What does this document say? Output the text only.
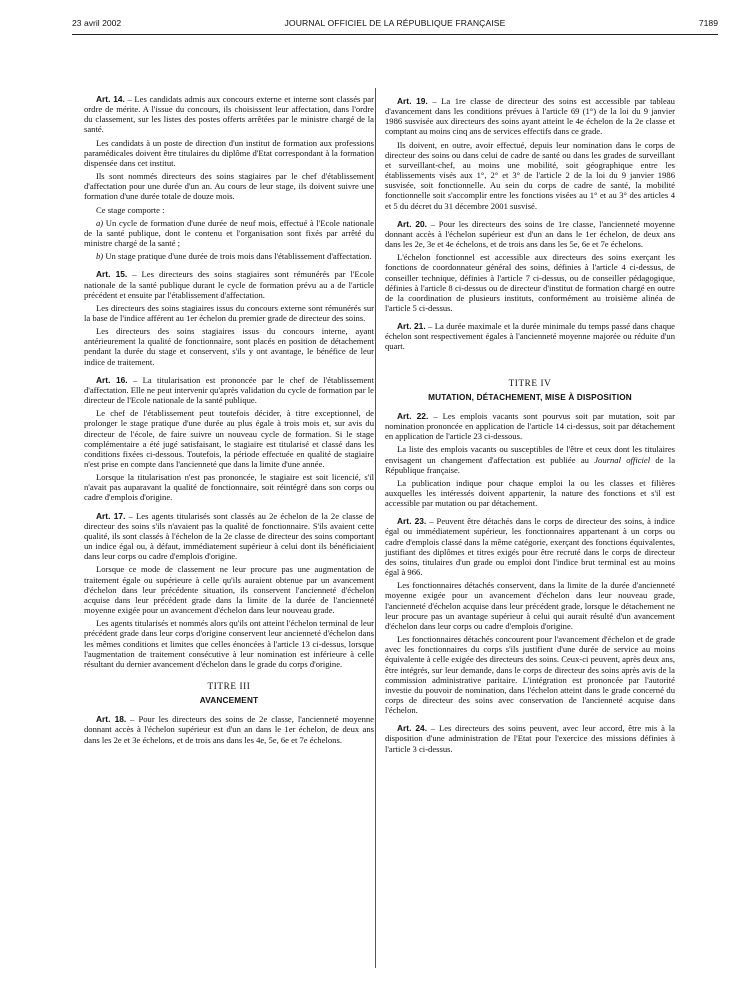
23 avril 2002	JOURNAL OFFICIEL DE LA RÉPUBLIQUE FRANÇAISE	7189

Art. 14. – Les candidats admis aux concours externe et interne sont classés par ordre de mérite. A l'issue du concours, ils choisissent leur affectation, dans l'ordre du classement, sur les listes des postes offerts arrêtées par le ministre chargé de la santé.

Les candidats à un poste de direction d'un institut de formation aux professions paramédicales doivent être titulaires du diplôme d'Etat correspondant à la formation dispensée dans cet institut.

Ils sont nommés directeurs des soins stagiaires par le chef d'établissement d'affectation pour une durée d'un an. Au cours de leur stage, ils doivent suivre une formation d'une durée totale de douze mois.

Ce stage comporte :

a) Un cycle de formation d'une durée de neuf mois, effectué à l'Ecole nationale de la santé publique, dont le contenu et l'organisation sont fixés par arrêté du ministre chargé de la santé ;

b) Un stage pratique d'une durée de trois mois dans l'établissement d'affectation.

Art. 15. – Les directeurs des soins stagiaires sont rémunérés par l'Ecole nationale de la santé publique durant le cycle de formation prévu au a de l'article précédent et ensuite par l'établissement d'affectation.

Les directeurs des soins stagiaires issus du concours externe sont rémunérés sur la base de l'indice afférent au 1er échelon du premier grade de directeur des soins.

Les directeurs des soins stagiaires issus du concours interne, ayant antérieurement la qualité de fonctionnaire, sont placés en position de détachement pendant la durée du stage et conservent, s'ils y ont avantage, le bénéfice de leur indice de traitement.

Art. 16. – La titularisation est prononcée par le chef de l'établissement d'affectation. Elle ne peut intervenir qu'après validation du cycle de formation par le directeur de l'Ecole nationale de la santé publique.

Le chef de l'établissement peut toutefois décider, à titre exceptionnel, de prolonger le stage pratique d'une durée au plus égale à trois mois et, sur avis du directeur de l'école, de faire suivre un nouveau cycle de formation. Si le stage complémentaire a été jugé satisfaisant, le stagiaire est titularisé et classé dans les conditions fixées ci-dessous. Toutefois, la période effectuée en qualité de stagiaire n'est prise en compte dans l'ancienneté que dans la limite d'une année.

Lorsque la titularisation n'est pas prononcée, le stagiaire est soit licencié, s'il n'avait pas auparavant la qualité de fonctionnaire, soit réintégré dans son corps ou cadre d'emplois d'origine.

Art. 17. – Les agents titularisés sont classés au 2e échelon de la 2e classe de directeur des soins s'ils n'avaient pas la qualité de fonctionnaire. S'ils avaient cette qualité, ils sont classés à l'échelon de la 2e classe de directeur des soins comportant un indice égal ou, à défaut, immédiatement supérieur à celui dont ils bénéficiaient dans leur corps ou cadre d'emplois d'origine.

Lorsque ce mode de classement ne leur procure pas une augmentation de traitement égale ou supérieure à celle qu'ils auraient obtenue par un avancement d'échelon dans leur précédente situation, ils conservent l'ancienneté d'échelon acquise dans leur précédent grade dans la limite de la durée de l'ancienneté moyenne exigée pour un avancement d'échelon dans leur nouveau grade.

Les agents titularisés et nommés alors qu'ils ont atteint l'échelon terminal de leur précédent grade dans leur corps d'origine conservent leur ancienneté d'échelon dans les mêmes conditions et limites que celles énoncées à l'article 13 ci-dessus, lorsque l'augmentation de traitement consécutive à leur nomination est inférieure à celle résultant du dernier avancement d'échelon dans le grade du corps d'origine.

TITRE III

AVANCEMENT

Art. 18. – Pour les directeurs des soins de 2e classe, l'ancienneté moyenne donnant accès à l'échelon supérieur est d'un an dans le 1er échelon, de deux ans dans les 2e et 3e échelons, et de trois ans dans les 4e, 5e, 6e et 7e échelons.

Art. 19. – La 1re classe de directeur des soins est accessible par tableau d'avancement dans les conditions prévues à l'article 69 (1°) de la loi du 9 janvier 1986 susvisée aux directeurs des soins ayant atteint le 4e échelon de la 2e classe et comptant au moins cinq ans de services effectifs dans ce grade.

Ils doivent, en outre, avoir effectué, depuis leur nomination dans le corps de directeur des soins ou dans celui de cadre de santé ou dans les grades de surveillant et surveillant-chef, au moins une mobilité, soit géographique entre les établissements visés aux 1°, 2° et 3° de l'article 2 de la loi du 9 janvier 1986 susvisée, soit fonctionnelle. Au sein du corps de cadre de santé, la mobilité fonctionnelle soit s'accomplir entre les fonctions visées au 1° et au 3° des articles 4 et 5 du décret du 31 décembre 2001 susvisé.

Art. 20. – Pour les directeurs des soins de 1re classe, l'ancienneté moyenne donnant accès à l'échelon supérieur est d'un an dans le 1er échelon, de deux ans dans les 2e, 3e et 4e échelons, et de trois ans dans les 5e, 6e et 7e échelons.

L'échelon fonctionnel est accessible aux directeurs des soins exerçant les fonctions de coordonnateur général des soins, définies à l'article 4 ci-dessus, de conseiller technique, définies à l'article 7 ci-dessus, ou de conseiller pédagogique, définies à l'article 8 ci-dessus ou de directeur d'institut de formation chargé en outre de la coordination de plusieurs instituts, conformément au troisième alinéa de l'article 5 ci-dessus.

Art. 21. – La durée maximale et la durée minimale du temps passé dans chaque échelon sont respectivement égales à l'ancienneté moyenne majorée ou réduite d'un quart.

TITRE IV

MUTATION, DÉTACHEMENT, MISE À DISPOSITION

Art. 22. – Les emplois vacants sont pourvus soit par mutation, soit par nomination prononcée en application de l'article 14 ci-dessus, soit par détachement en application de l'article 23 ci-dessous.

La liste des emplois vacants ou susceptibles de l'être et ceux dont les titulaires envisagent un changement d'affectation est publiée au Journal officiel de la République française.

La publication indique pour chaque emploi la ou les classes et filières auxquelles les intéressés doivent appartenir, la nature des fonctions et s'il est accessible par mutation ou par détachement.

Art. 23. – Peuvent être détachés dans le corps de directeur des soins, à indice égal ou immédiatement supérieur, les fonctionnaires appartenant à un corps ou cadre d'emplois classé dans la même catégorie, exerçant des fonctions équivalentes, justifiant des diplômes et titres exigés pour être recruté dans le corps de directeur des soins, titulaires d'un grade ou emploi dont l'indice brut terminal est au moins égal à 966.

Les fonctionnaires détachés conservent, dans la limite de la durée d'ancienneté moyenne exigée pour un avancement d'échelon dans leur nouveau grade, l'ancienneté d'échelon acquise dans leur précédent grade, lorsque le détachement ne leur procure pas un avantage supérieur à celui qui aurait résulté d'un avancement d'échelon dans leur corps ou cadre d'emplois d'origine.

Les fonctionnaires détachés concourent pour l'avancement d'échelon et de grade avec les fonctionnaires du corps s'ils justifient d'une durée de service au moins équivalente à celle exigée des directeurs des soins. Ceux-ci peuvent, après deux ans, être intégrés, sur leur demande, dans le corps de directeur des soins après avis de la commission administrative paritaire. L'intégration est prononcée par l'autorité investie du pouvoir de nomination, dans l'échelon atteint dans le grade concerné du corps de directeur des soins avec conservation de l'ancienneté acquise dans l'échelon.

Art. 24. – Les directeurs des soins peuvent, avec leur accord, être mis à la disposition d'une administration de l'Etat pour l'exercice des missions définies à l'article 3 ci-dessus.
